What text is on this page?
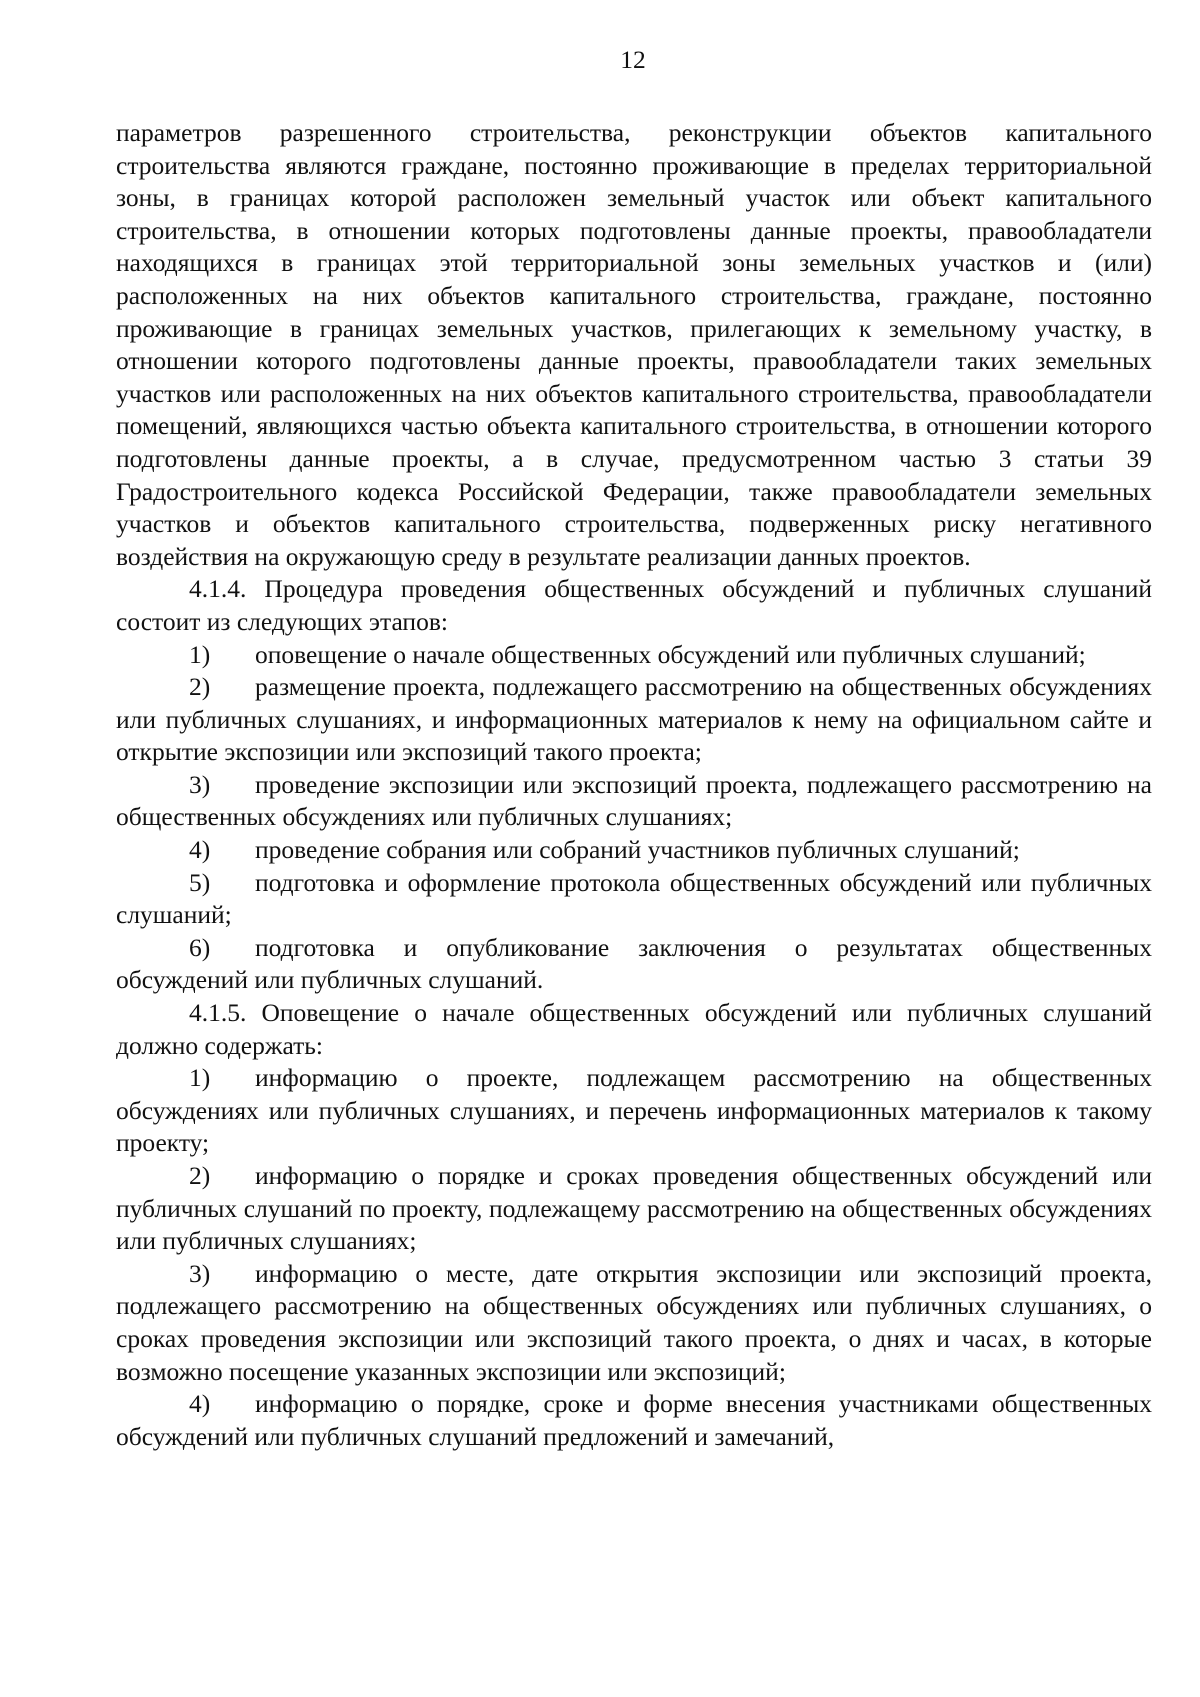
12

параметров разрешенного строительства, реконструкции объектов капитального строительства являются граждане, постоянно проживающие в пределах территориальной зоны, в границах которой расположен земельный участок или объект капитального строительства, в отношении которых подготовлены данные проекты, правообладатели находящихся в границах этой территориальной зоны земельных участков и (или) расположенных на них объектов капитального строительства, граждане, постоянно проживающие в границах земельных участков, прилегающих к земельному участку, в отношении которого подготовлены данные проекты, правообладатели таких земельных участков или расположенных на них объектов капитального строительства, правообладатели помещений, являющихся частью объекта капитального строительства, в отношении которого подготовлены данные проекты, а в случае, предусмотренном частью 3 статьи 39 Градостроительного кодекса Российской Федерации, также правообладатели земельных участков и объектов капитального строительства, подверженных риску негативного воздействия на окружающую среду в результате реализации данных проектов.

4.1.4. Процедура проведения общественных обсуждений и публичных слушаний состоит из следующих этапов:

1) оповещение о начале общественных обсуждений или публичных слушаний;

2) размещение проекта, подлежащего рассмотрению на общественных обсуждениях или публичных слушаниях, и информационных материалов к нему на официальном сайте и открытие экспозиции или экспозиций такого проекта;

3) проведение экспозиции или экспозиций проекта, подлежащего рассмотрению на общественных обсуждениях или публичных слушаниях;

4) проведение собрания или собраний участников публичных слушаний;

5) подготовка и оформление протокола общественных обсуждений или публичных слушаний;

6) подготовка и опубликование заключения о результатах общественных обсуждений или публичных слушаний.

4.1.5. Оповещение о начале общественных обсуждений или публичных слушаний должно содержать:

1) информацию о проекте, подлежащем рассмотрению на общественных обсуждениях или публичных слушаниях, и перечень информационных материалов к такому проекту;

2) информацию о порядке и сроках проведения общественных обсуждений или публичных слушаний по проекту, подлежащему рассмотрению на общественных обсуждениях или публичных слушаниях;

3) информацию о месте, дате открытия экспозиции или экспозиций проекта, подлежащего рассмотрению на общественных обсуждениях или публичных слушаниях, о сроках проведения экспозиции или экспозиций такого проекта, о днях и часах, в которые возможно посещение указанных экспозиции или экспозиций;

4) информацию о порядке, сроке и форме внесения участниками общественных обсуждений или публичных слушаний предложений и замечаний,
